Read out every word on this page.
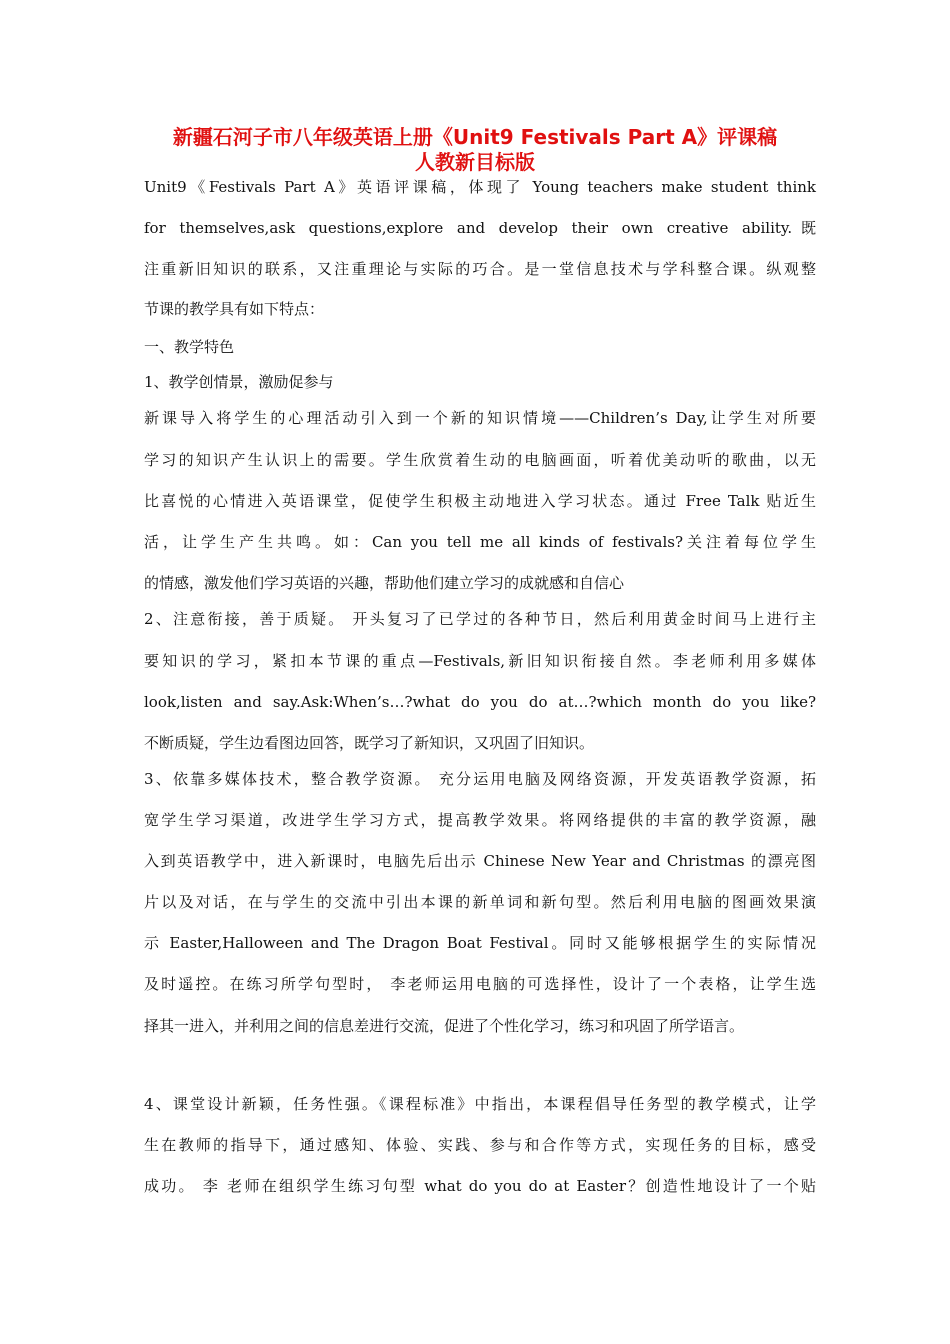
新疆石河子市八年级英语上册《Unit9 Festivals Part A》评课稿
人教新目标版
Unit9《Festivals Part A》英语评课稿，体现了 Young teachers make student think
for themselves,ask questions,explore and develop their own creative ability.既
注重新旧知识的联系，又注重理论与实际的巧合。是一堂信息技术与学科整合课。纵观整
节课的教学具有如下特点：
一、教学特色
1、教学创情景，激励促参与
新课导入将学生的心理活动引入到一个新的知识情境——Children’s Day,让学生对所要
学习的知识产生认识上的需要。学生欣赏着生动的电脑画面，听着优美动听的歌曲，以无
比喜悦的心情进入英语课堂，促使学生积极主动地进入学习状态。通过 Free Talk 贴近生
活，让学生产生共鸣。如：Can you tell me all kinds of festivals?关注着每位学生
的情感，激发他们学习英语的兴趣，帮助他们建立学习的成就感和自信心
2、注意衔接，善于质疑。 开头复习了已学过的各种节日，然后利用黄金时间马上进行主
要知识的学习，紧扣本节课的重点—Festivals,新旧知识衔接自然。李老师利用多媒体
look,listen and say.Ask:When’s…?what do you do at…?which month do you like?
不断质疑，学生边看图边回答，既学习了新知识，又巩固了旧知识。
3、依靠多媒体技术，整合教学资源。 充分运用电脑及网络资源，开发英语教学资源，拓
宽学生学习渠道，改进学生学习方式，提高教学效果。将网络提供的丰富的教学资源，融
入到英语教学中，进入新课时，电脑先后出示 Chinese New Year and Christmas 的漂亮图
片以及对话，在与学生的交流中引出本课的新单词和新句型。然后利用电脑的图画效果演
示 Easter,Halloween and The Dragon Boat Festival。同时又能够根据学生的实际情况
及时遥控。在练习所学句型时， 李老师运用电脑的可选择性，设计了一个表格，让学生选
择其一进入，并利用之间的信息差进行交流，促进了个性化学习，练习和巩固了所学语言。
4、课堂设计新颖，任务性强。《课程标准》中指出，本课程倡导任务型的教学模式，让学
生在教师的指导下，通过感知、体验、实践、参与和合作等方式，实现任务的目标，感受
成功。 李 老师在组织学生练习句型 what do you do at Easter？创造性地设计了一个贴
